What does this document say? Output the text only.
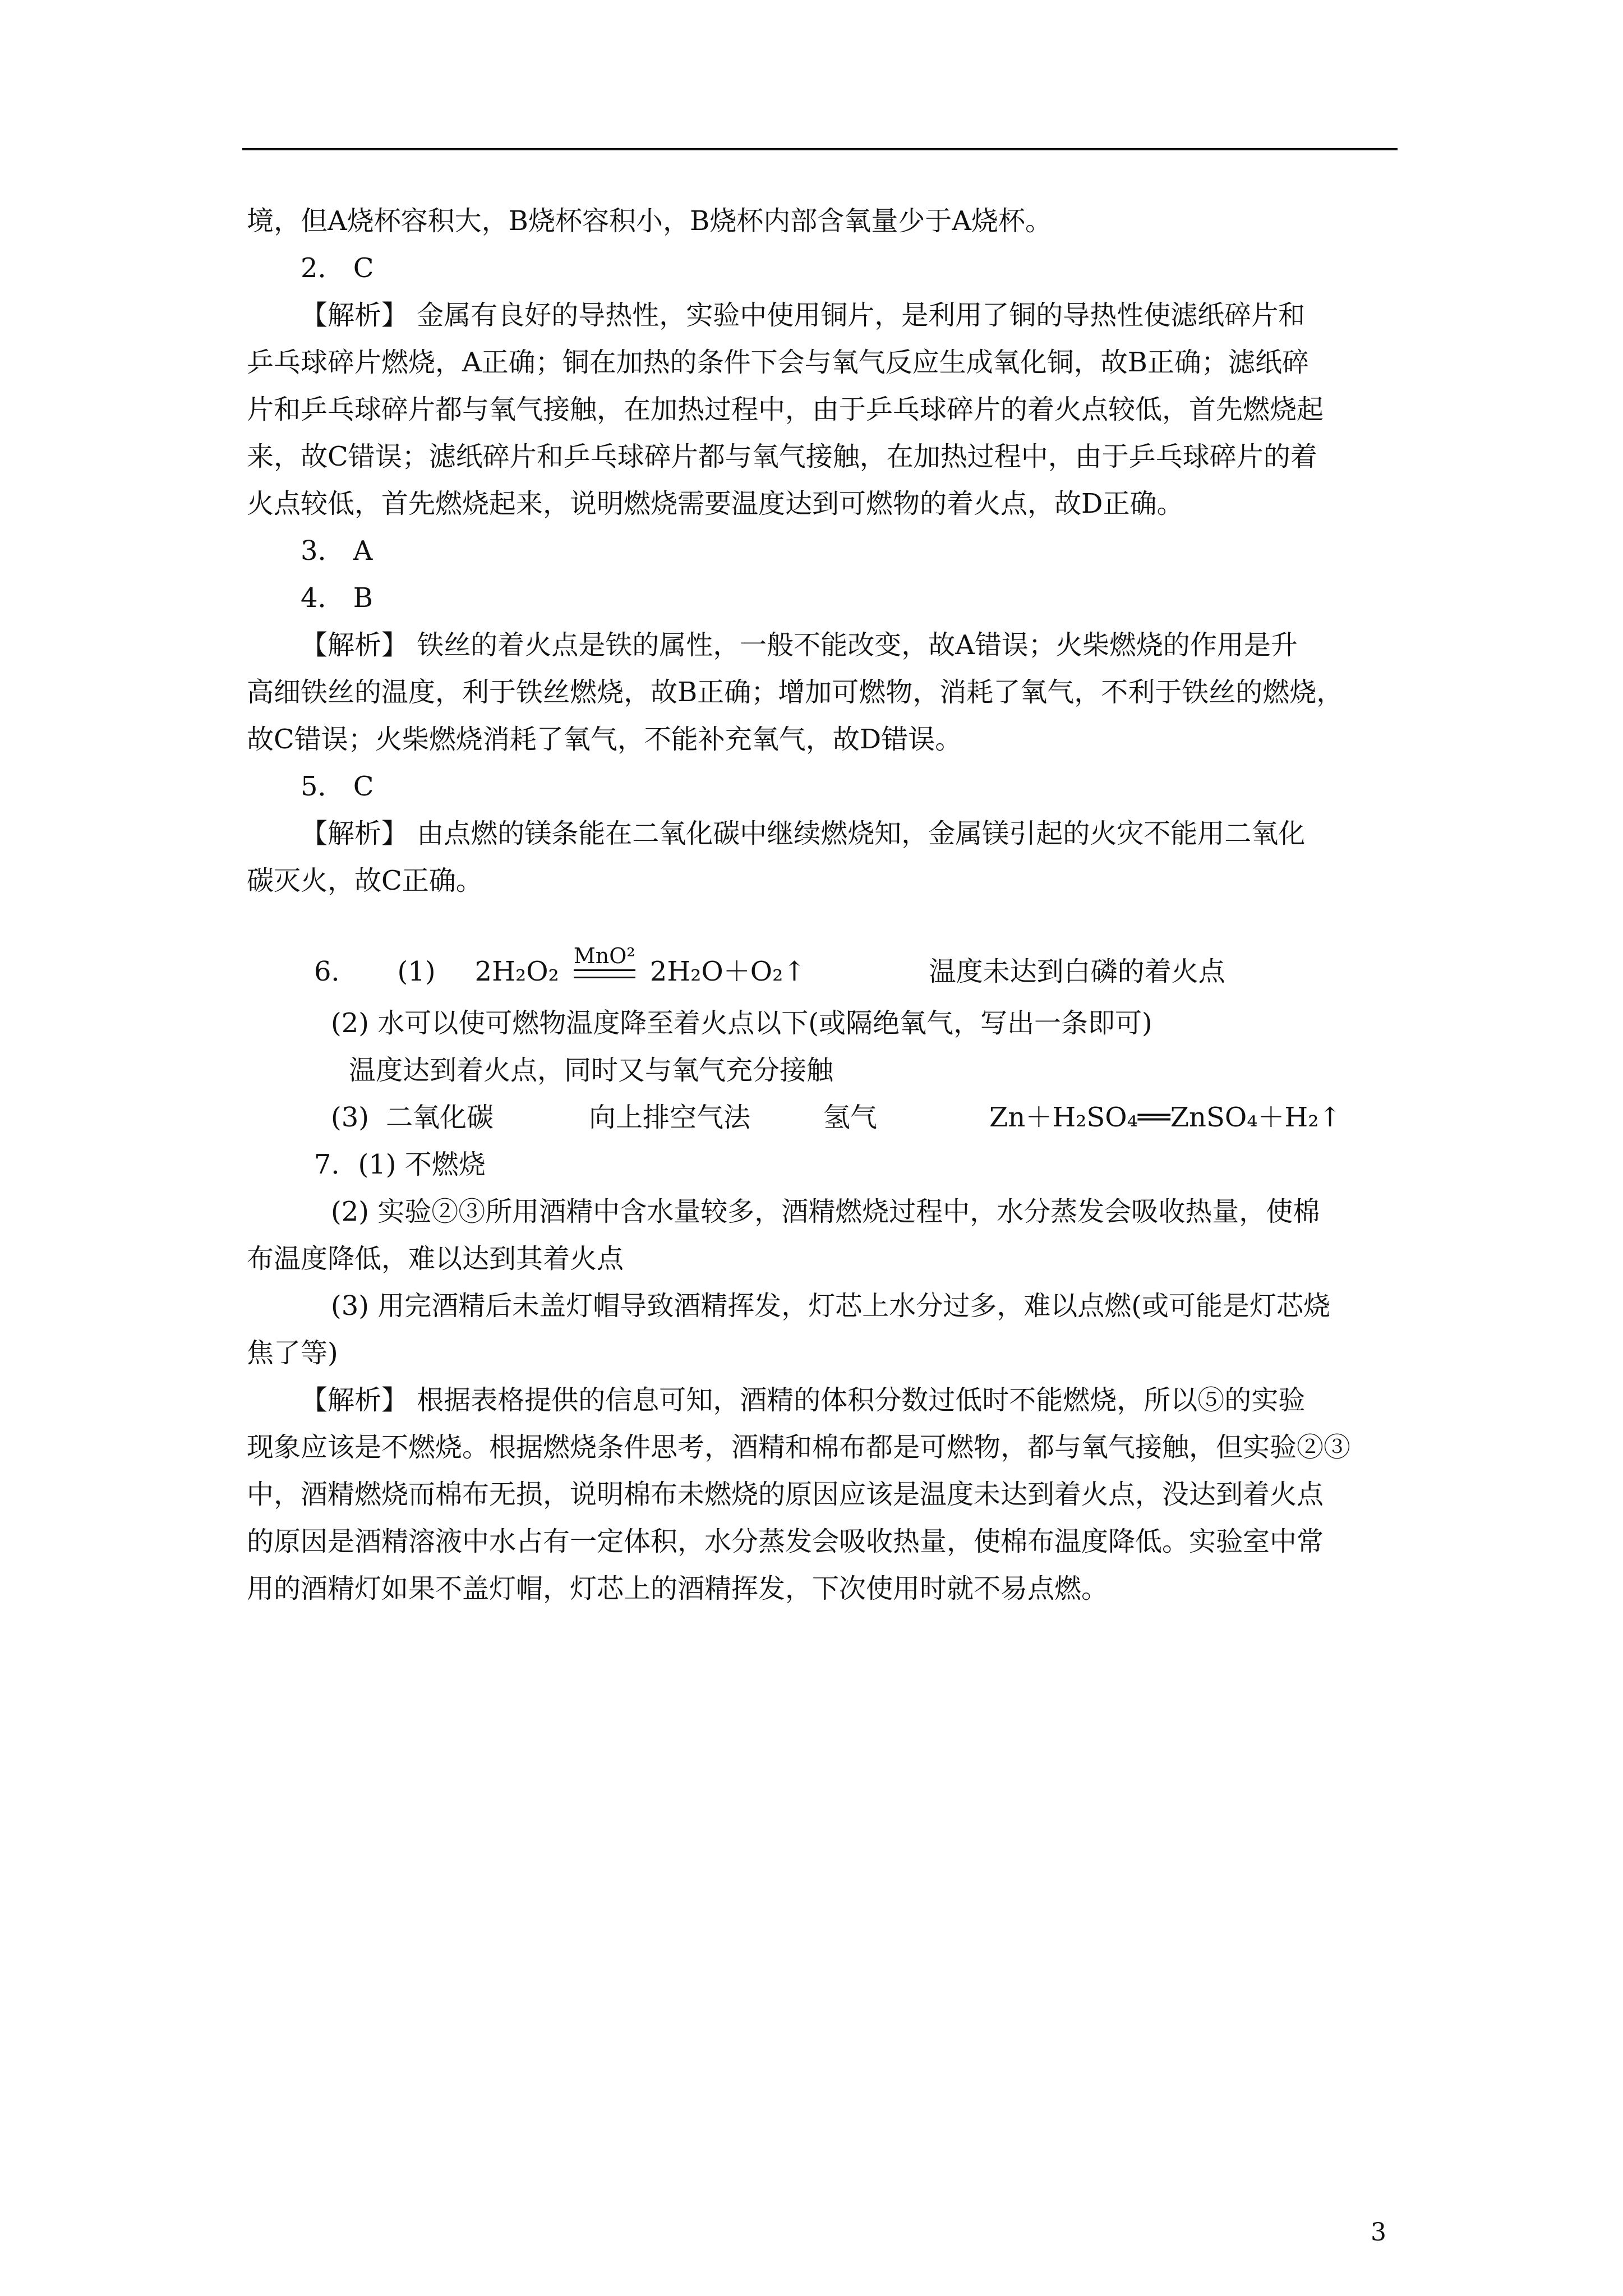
境，但A烧杯容积大，B烧杯容积小，B烧杯内部含氧量少于A烧杯。

2． C

【解析】 金属有良好的导热性，实验中使用铜片，是利用了铜的导热性使滤纸碎片和

乒乓球碎片燃烧，A正确；铜在加热的条件下会与氧气反应生成氧化铜，故B正确；滤纸碎

片和乒乓球碎片都与氧气接触，在加热过程中，由于乒乓球碎片的着火点较低，首先燃烧起

来，故C错误；滤纸碎片和乒乓球碎片都与氧气接触，在加热过程中，由于乒乓球碎片的着

火点较低，首先燃烧起来，说明燃烧需要温度达到可燃物的着火点，故D正确。

3． A

4． B

【解析】 铁丝的着火点是铁的属性，一般不能改变，故A错误；火柴燃烧的作用是升

高细铁丝的温度，利于铁丝燃烧，故B正确；增加可燃物，消耗了氧气，不利于铁丝的燃烧，

故C错误；火柴燃烧消耗了氧气，不能补充氧气，故D错误。

5． C

【解析】 由点燃的镁条能在二氧化碳中继续燃烧知，金属镁引起的火灾不能用二氧化

碳灭火，故C正确。

6． (1) 2H₂O₂ MnO² 2H₂O＋O₂↑	温度未达到白磷的着火点

(2) 水可以使可燃物温度降至着火点以下(或隔绝氧气，写出一条即可)

温度达到着火点，同时又与氧气充分接触

(3) 二氧化碳	向上排空气法	氢气	Zn＋H₂SO₄══ZnSO₄＋H₂↑

7．(1) 不燃烧

(2) 实验②③所用酒精中含水量较多，酒精燃烧过程中，水分蒸发会吸收热量，使棉

布温度降低，难以达到其着火点

(3) 用完酒精后未盖灯帽导致酒精挥发，灯芯上水分过多，难以点燃(或可能是灯芯烧

焦了等)

【解析】 根据表格提供的信息可知，酒精的体积分数过低时不能燃烧，所以⑤的实验

现象应该是不燃烧。根据燃烧条件思考，酒精和棉布都是可燃物，都与氧气接触，但实验②③

中，酒精燃烧而棉布无损，说明棉布未燃烧的原因应该是温度未达到着火点，没达到着火点

的原因是酒精溶液中水占有一定体积，水分蒸发会吸收热量，使棉布温度降低。实验室中常

用的酒精灯如果不盖灯帽，灯芯上的酒精挥发，下次使用时就不易点燃。

3
